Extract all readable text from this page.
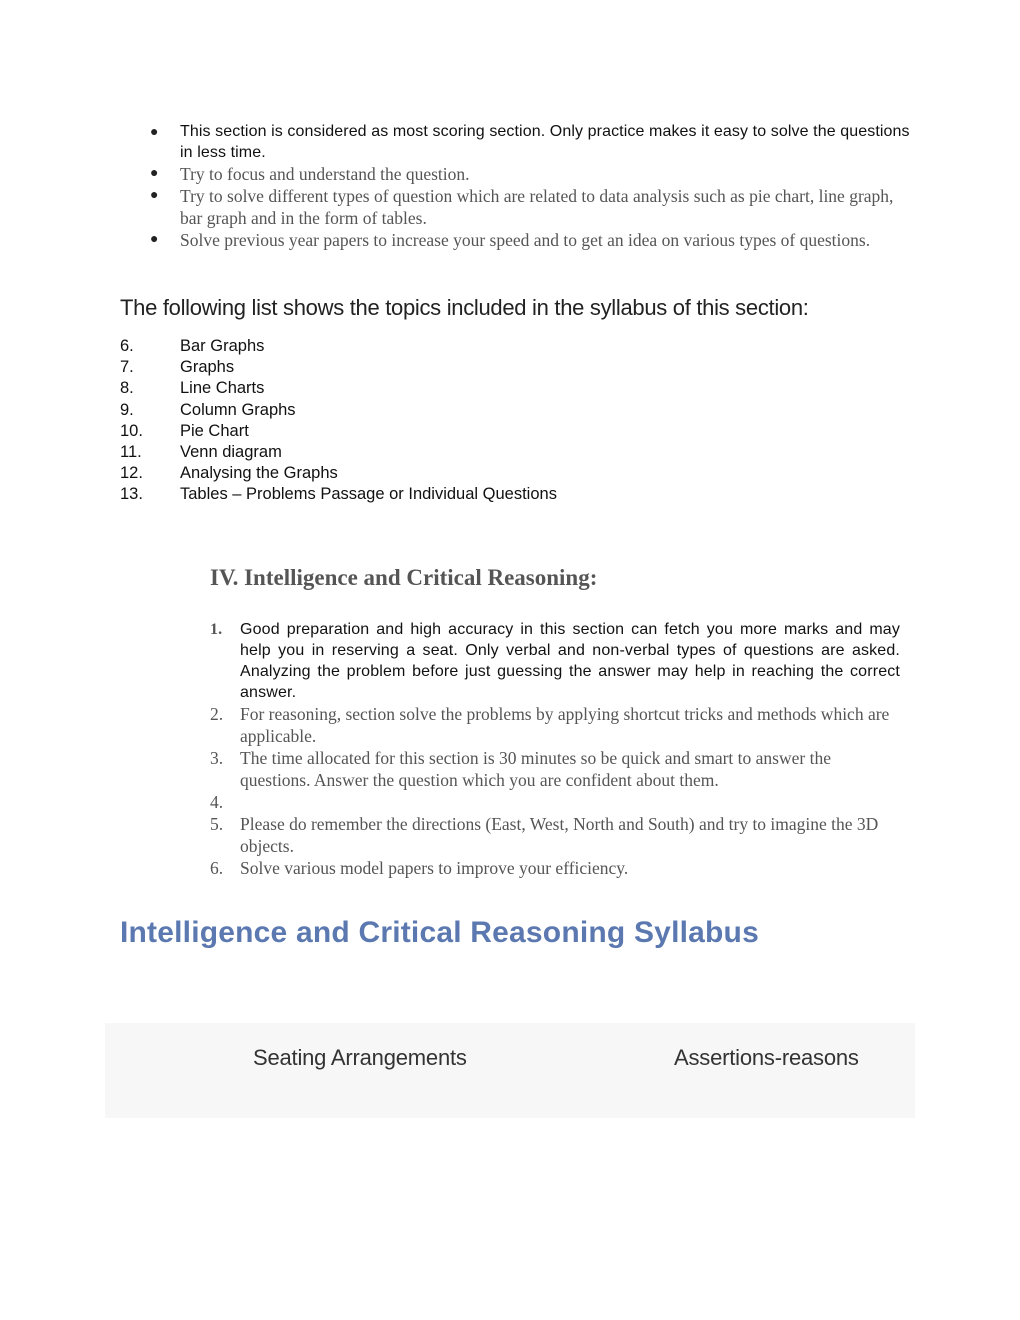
● This section is considered as most scoring section. Only practice makes it easy to solve the questions in less time.
● Try to focus and understand the question.
● Try to solve different types of question which are related to data analysis such as pie chart, line graph, bar graph and in the form of tables.
● Solve previous year papers to increase your speed and to get an idea on various types of questions.
The following list shows the topics included in the syllabus of this section:
6.	Bar Graphs
7.	Graphs
8.	Line Charts
9.	Column Graphs
10.	Pie Chart
11.	Venn diagram
12.	Analysing the Graphs
13.	Tables – Problems Passage or Individual Questions
IV. Intelligence and Critical Reasoning:
1. Good preparation and high accuracy in this section can fetch you more marks and may help you in reserving a seat. Only verbal and non-verbal types of questions are asked. Analyzing the problem before just guessing the answer may help in reaching the correct answer.
2. For reasoning, section solve the problems by applying shortcut tricks and methods which are applicable.
3. The time allocated for this section is 30 minutes so be quick and smart to answer the questions. Answer the question which you are confident about them.
4.
5. Please do remember the directions (East, West, North and South) and try to imagine the 3D objects.
6. Solve various model papers to improve your efficiency.
Intelligence and Critical Reasoning Syllabus
Seating Arrangements	Assertions-reasons
